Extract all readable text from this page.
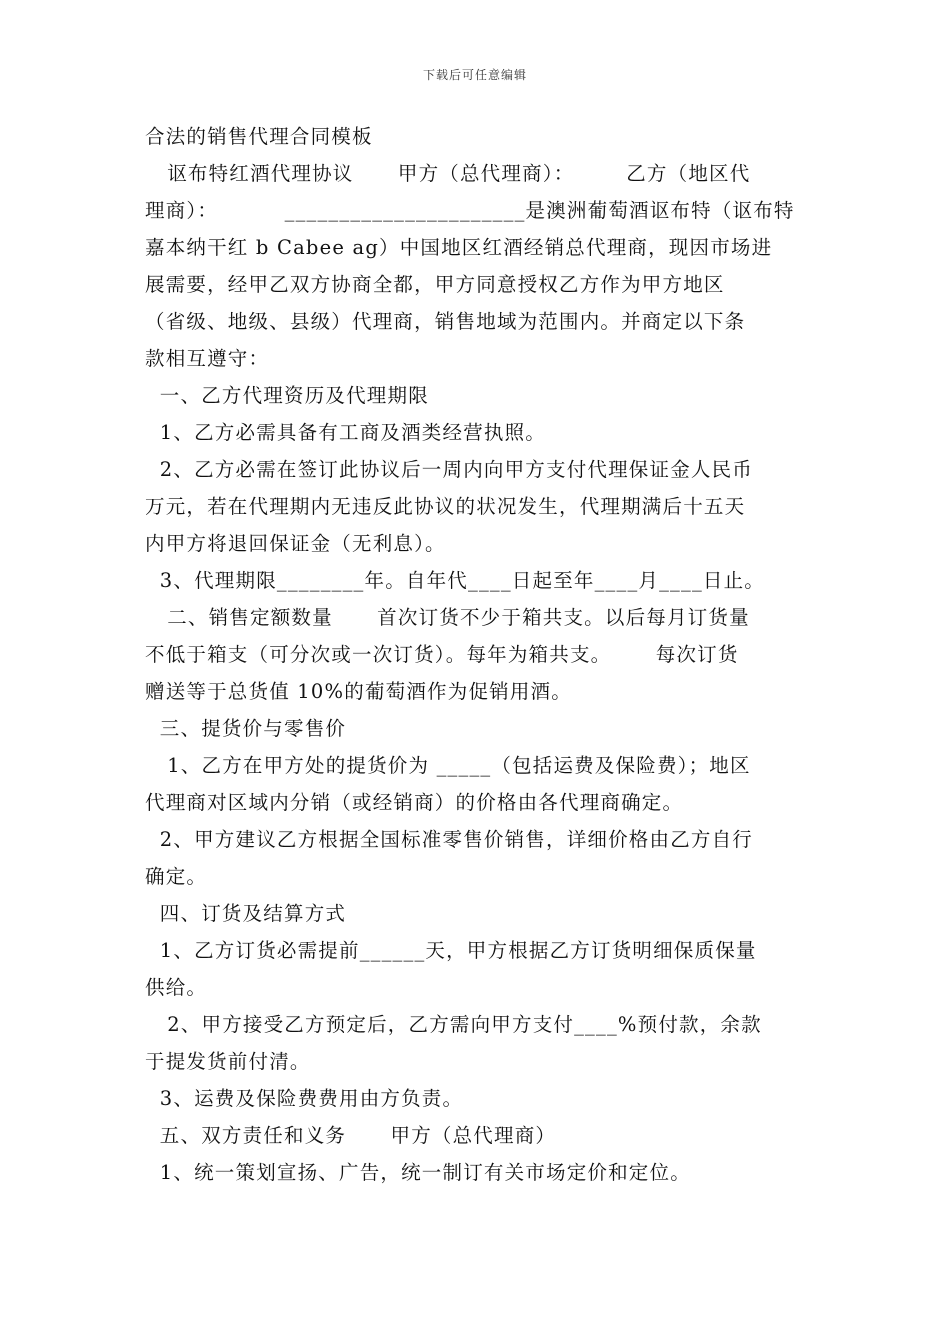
下载后可任意编辑
合法的销售代理合同模板
讴布特红酒代理协议      甲方（总代理商）：       乙方（地区代
理商）：         ______________________是澳洲葡萄酒讴布特（讴布特
嘉本纳干红 b Cabee ag）中国地区红酒经销总代理商，现因市场进
展需要，经甲乙双方协商全都，甲方同意授权乙方作为甲方地区
（省级、地级、县级）代理商，销售地域为范围内。并商定以下条
款相互遵守：
一、乙方代理资历及代理期限
1、乙方必需具备有工商及酒类经营执照。
2、乙方必需在签订此协议后一周内向甲方支付代理保证金人民币
万元，若在代理期内无违反此协议的状况发生，代理期满后十五天
内甲方将退回保证金（无利息）。
3、代理期限________年。自年代____日起至年____月____日止。
二、销售定额数量      首次订货不少于箱共支。以后每月订货量
不低于箱支（可分次或一次订货）。每年为箱共支。      每次订货
赠送等于总货值 10%的葡萄酒作为促销用酒。
三、提货价与零售价
1、乙方在甲方处的提货价为 _____（包括运费及保险费）；地区
代理商对区域内分销（或经销商）的价格由各代理商确定。
2、甲方建议乙方根据全国标准零售价销售，详细价格由乙方自行
确定。
四、订货及结算方式
1、乙方订货必需提前______天，甲方根据乙方订货明细保质保量
供给。
2、甲方接受乙方预定后，乙方需向甲方支付____%预付款，余款
于提发货前付清。
3、运费及保险费费用由方负责。
五、双方责任和义务      甲方（总代理商）
1、统一策划宣扬、广告，统一制订有关市场定价和定位。
